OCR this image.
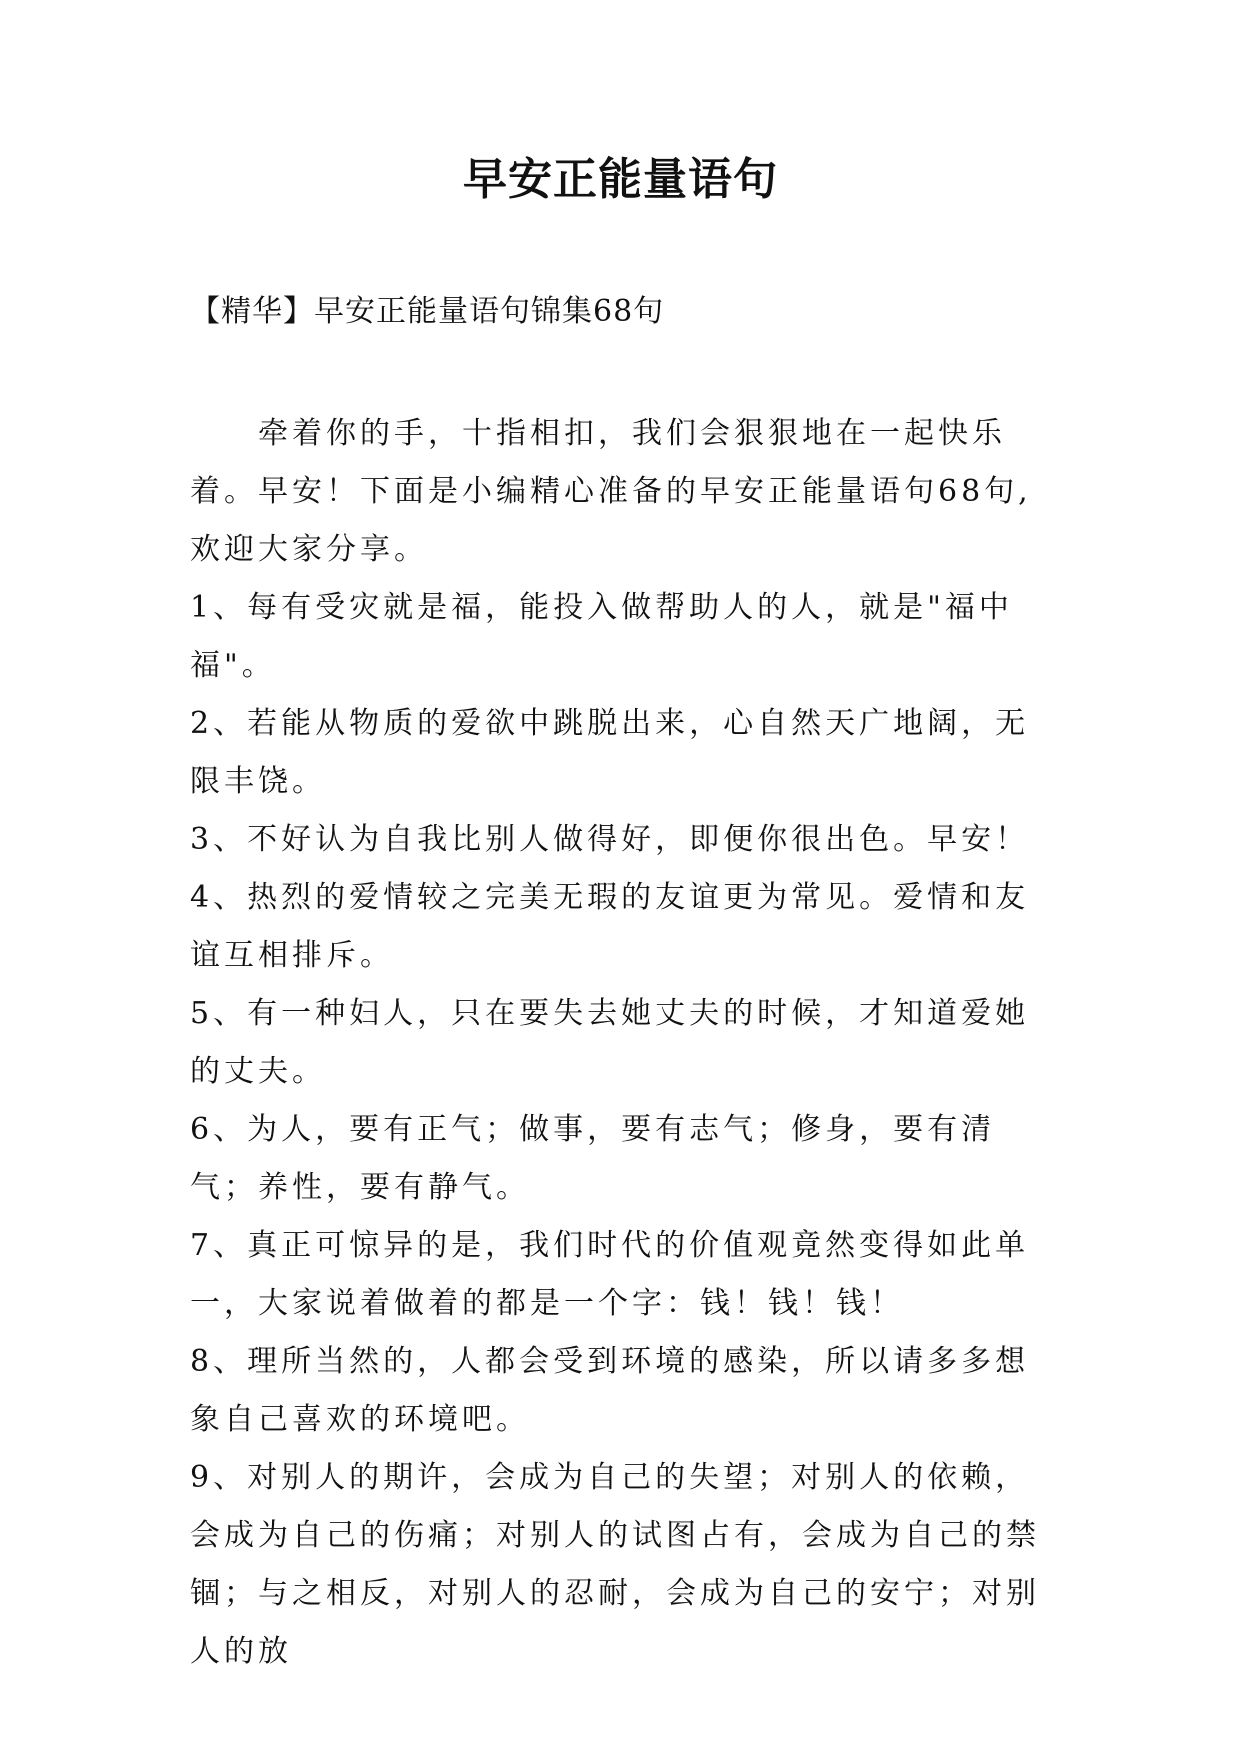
早安正能量语句
【精华】早安正能量语句锦集68句

牵着你的手，十指相扣，我们会狠狠地在一起快乐着。早安！下面是小编精心准备的早安正能量语句68句,欢迎大家分享。

1、每有受灾就是福，能投入做帮助人的人，就是"福中福"。

2、若能从物质的爱欲中跳脱出来，心自然天广地阔，无限丰饶。

3、不好认为自我比别人做得好，即便你很出色。早安！

4、热烈的爱情较之完美无瑕的友谊更为常见。爱情和友谊互相排斥。

5、有一种妇人，只在要失去她丈夫的时候，才知道爱她的丈夫。

6、为人，要有正气；做事，要有志气；修身，要有清气；养性，要有静气。

7、真正可惊异的是，我们时代的价值观竟然变得如此单一，大家说着做着的都是一个字：钱！钱！钱！

8、理所当然的，人都会受到环境的感染，所以请多多想象自己喜欢的环境吧。

9、对别人的期许，会成为自己的失望；对别人的依赖，会成为自己的伤痛；对别人的试图占有，会成为自己的禁锢；与之相反，对别人的忍耐，会成为自己的安宁；对别人的放
